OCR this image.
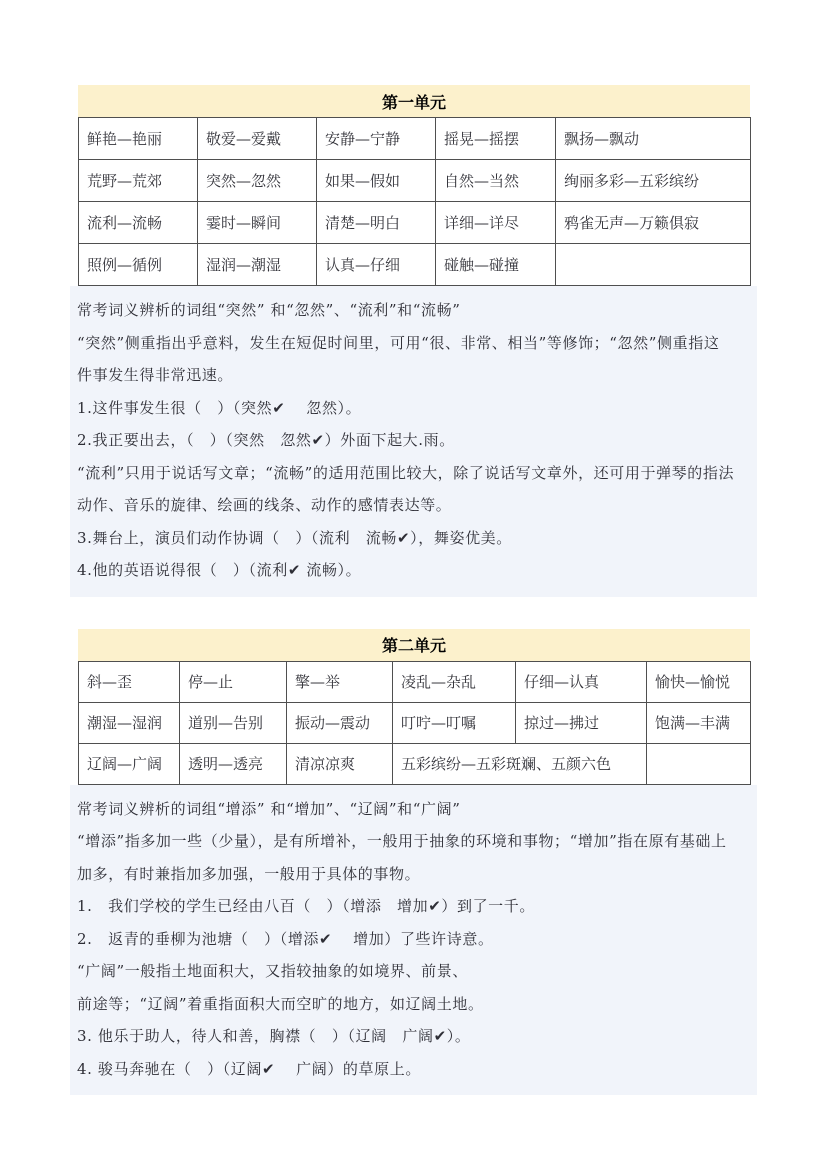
第一单元
鲜艳—艳丽	敬爱—爱戴	安静—宁静	摇晃—摇摆	飘扬—飘动
荒野—荒郊	突然—忽然	如果—假如	自然—当然	绚丽多彩—五彩缤纷
流利—流畅	霎时—瞬间	清楚—明白	详细—详尽	鸦雀无声—万籁俱寂
照例—循例	湿润—潮湿	认真—仔细	碰触—碰撞	
常考词义辨析的词组“突然” 和“忽然”、“流利”和“流畅”
“突然”侧重指出乎意料，发生在短促时间里，可用“很、非常、相当”等修饰；“忽然”侧重指这
件事发生得非常迅速。
1.这件事发生很（　）（突然✔　 忽然）。
2.我正要出去，（　）（突然　忽然✔）外面下起大.雨。
“流利”只用于说话写文章；“流畅”的适用范围比较大，除了说话写文章外，还可用于弹琴的指法
动作、音乐的旋律、绘画的线条、动作的感情表达等。
3.舞台上，演员们动作协调（　）（流利　流畅✔），舞姿优美。
4.他的英语说得很（　）（流利✔ 流畅）。
第二单元
斜—歪	停—止	擎—举	凌乱—杂乱	仔细—认真	愉快—愉悦
潮湿—湿润	道别—告别	振动—震动	叮咛—叮嘱	掠过—拂过	饱满—丰满
辽阔—广阔	透明—透亮	清凉凉爽	五彩缤纷—五彩斑斓、五颜六色		
常考词义辨析的词组“增添” 和“增加”、“辽阔”和“广阔”
“增添”指多加一些（少量），是有所增补，一般用于抽象的环境和事物；“增加”指在原有基础上
加多，有时兼指加多加强，一般用于具体的事物。
1.　我们学校的学生已经由八百（　）（增添　增加✔）到了一千。
2.　返青的垂柳为池塘（　）（增添✔　 增加）了些许诗意。
“广阔”一般指土地面积大，又指较抽象的如境界、前景、
前途等；“辽阔”着重指面积大而空旷的地方，如辽阔土地。
3. 他乐于助人，待人和善，胸襟（　）（辽阔　广阔✔）。
4. 骏马奔驰在（　）（辽阔✔　 广阔）的草原上。
